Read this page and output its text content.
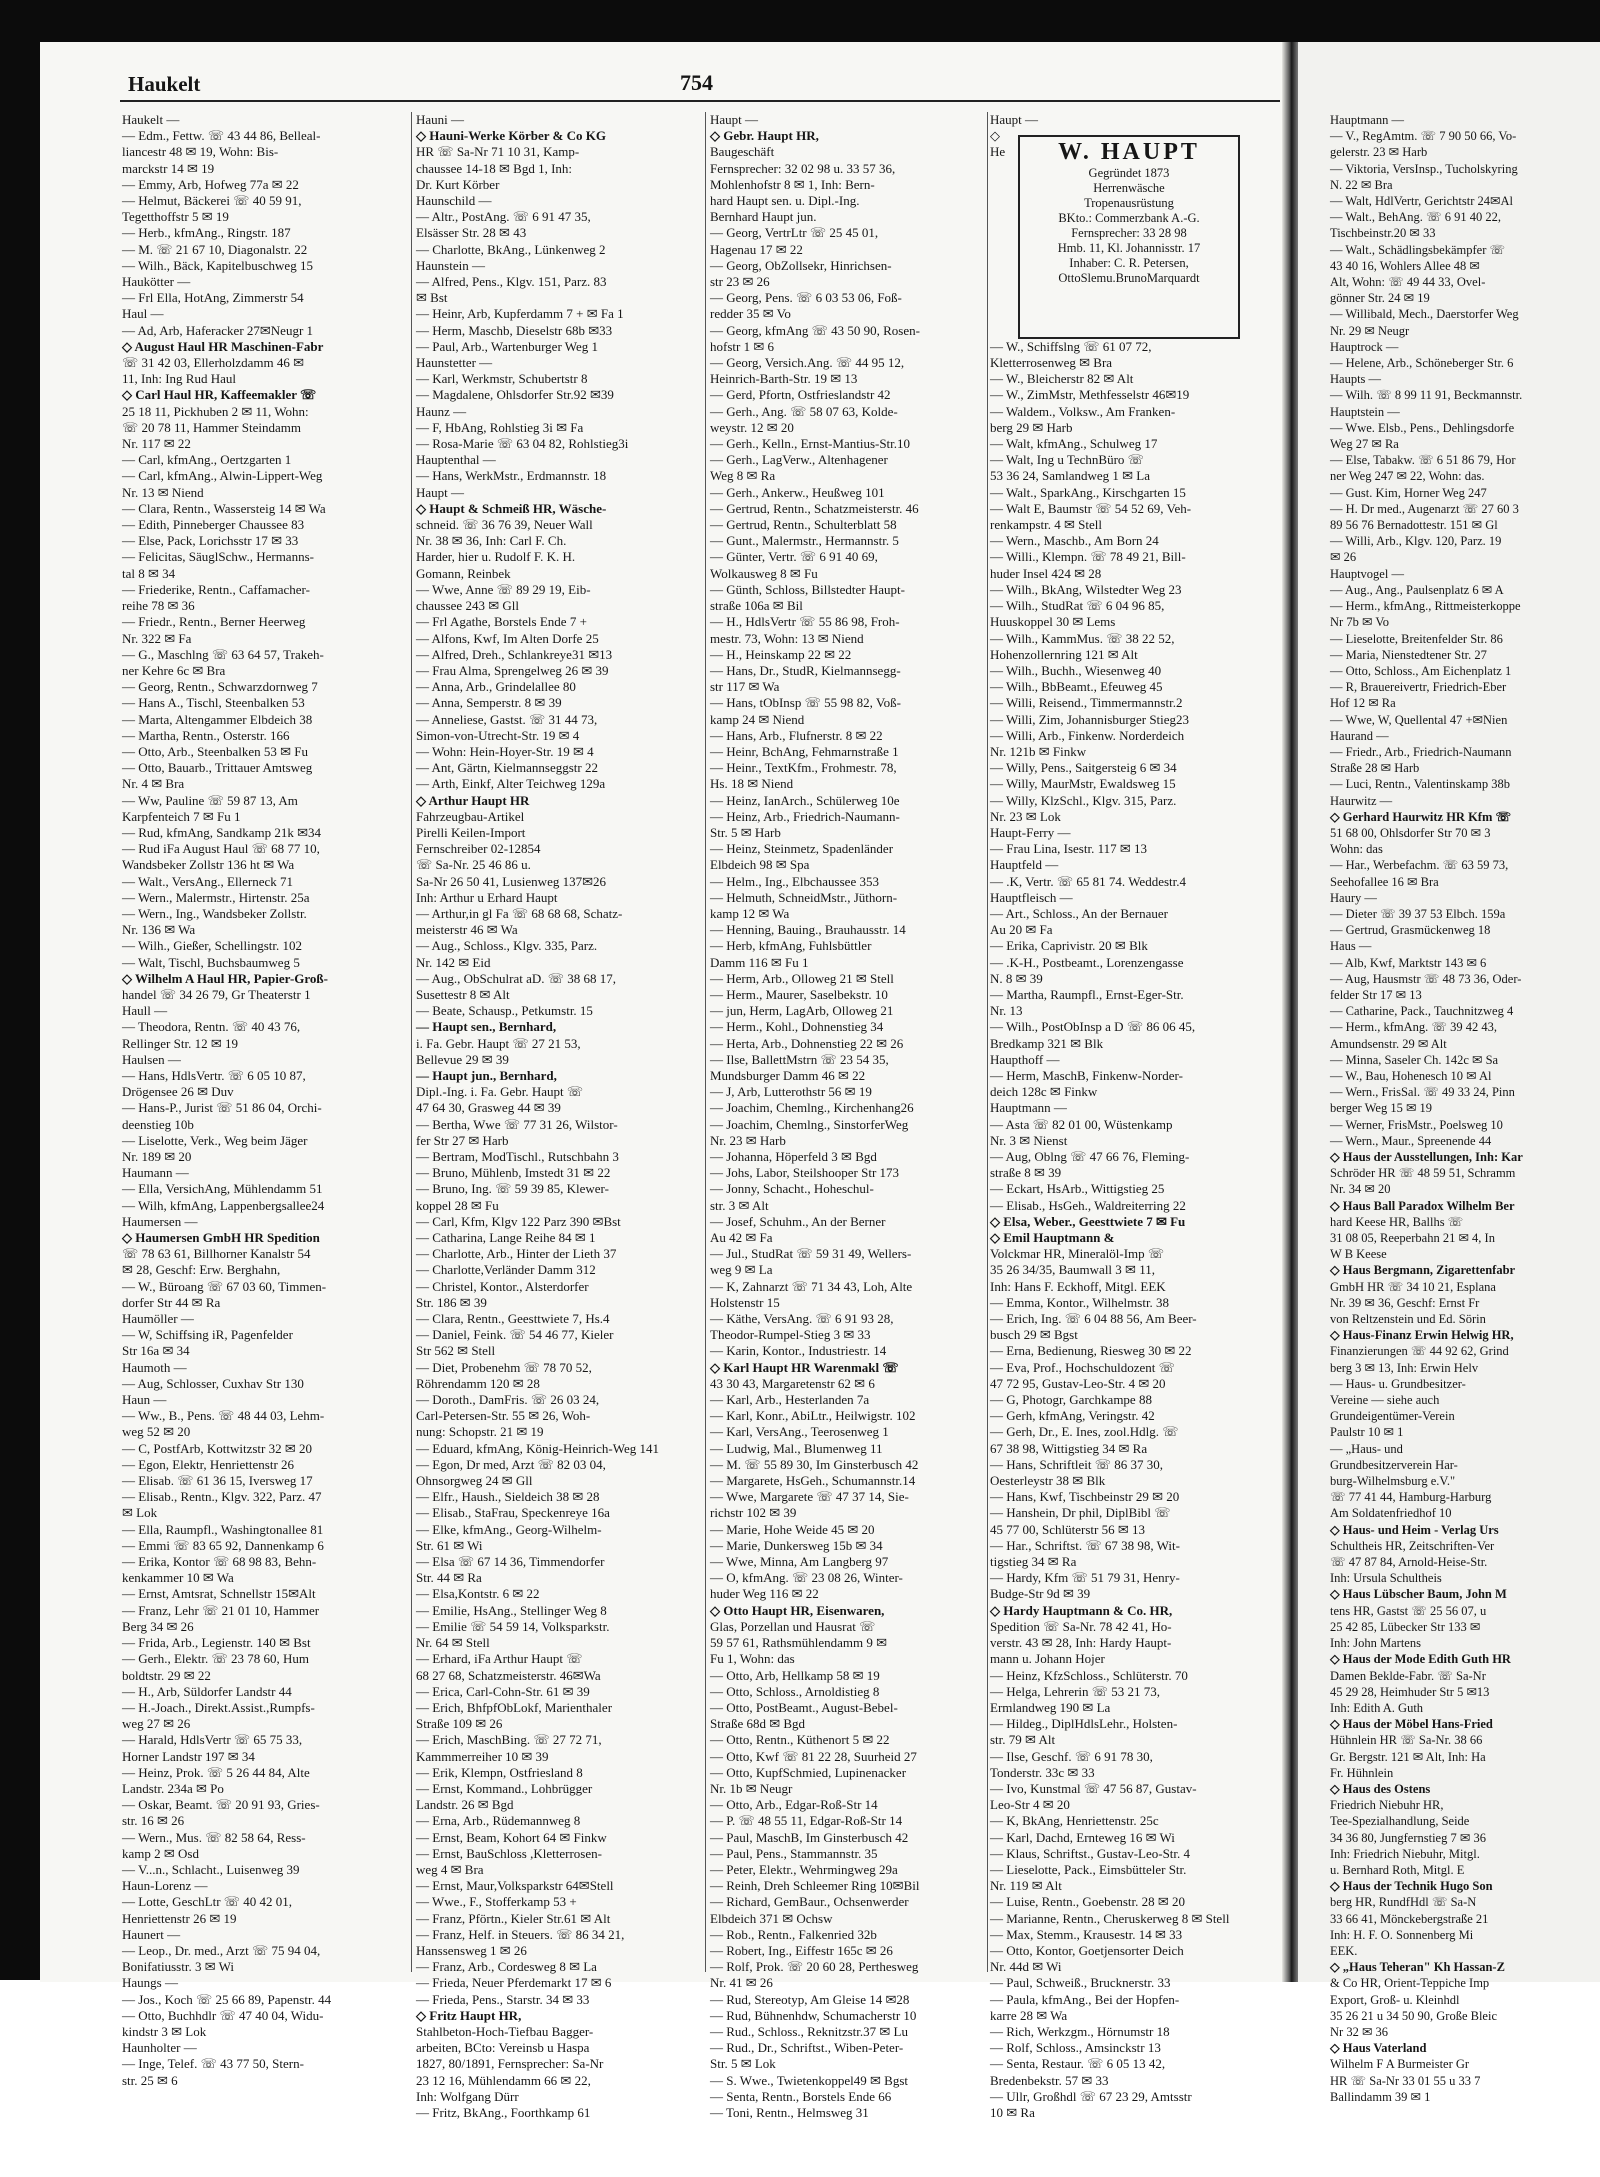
Haukelt	754
Haukelt —
— Edm., Fettw. ☏ 43 44 86, Belleal-
liancestr 48 ✉ 19, Wohn: Bis-
marckstr 14 ✉ 19
— Emmy, Arb, Hofweg 77a ✉ 22
— Helmut, Bäckerei ☏ 40 59 91,
Tegetthoffstr 5 ✉ 19
— Herb., kfmAng., Ringstr. 187
— M. ☏ 21 67 10, Diagonalstr. 22
— Wilh., Bäck, Kapitelbuschweg 15
Haukötter —
— Frl Ella, HotAng, Zimmerstr 54
Haul —
— Ad, Arb, Haferacker 27✉Neugr 1
◇ August Haul HR Maschinen-Fabr
☏ 31 42 03, Ellerholzdamm 46 ✉
11, Inh: Ing Rud Haul
◇ Carl Haul HR, Kaffeemakler ☏
25 18 11, Pickhuben 2 ✉ 11, Wohn:
☏ 20 78 11, Hammer Steindamm
Nr. 117 ✉ 22
— Carl, kfmAng., Oertzgarten 1
— Carl, kfmAng., Alwin-Lippert-Weg
Nr. 13 ✉ Niend
— Clara, Rentn., Wassersteig 14 ✉ Wa
— Edith, Pinneberger Chaussee 83
— Else, Pack, Lorichsstr 17 ✉ 33
— Felicitas, SäuglSchw., Hermanns-
tal 8 ✉ 34
— Friederike, Rentn., Caffamacher-
reihe 78 ✉ 36
— Friedr., Rentn., Berner Heerweg
Nr. 322 ✉ Fa
— G., Maschlng ☏ 63 64 57, Trakeh-
ner Kehre 6c ✉ Bra
— Georg, Rentn., Schwarzdornweg 7
— Hans A., Tischl, Steenbalken 53
— Marta, Altengammer Elbdeich 38
— Martha, Rentn., Osterstr. 166
— Otto, Arb., Steenbalken 53 ✉ Fu
— Otto, Bauarb., Trittauer Amtsweg
Nr. 4 ✉ Bra
— Ww, Pauline ☏ 59 87 13, Am
Karpfenteich 7 ✉ Fu 1
— Rud, kfmAng, Sandkamp 21k ✉34
— Rud iFa August Haul ☏ 68 77 10,
Wandsbeker Zollstr 136 ht ✉ Wa
— Walt., VersAng., Ellerneck 71
— Wern., Malermstr., Hirtenstr. 25a
— Wern., Ing., Wandsbeker Zollstr.
Nr. 136 ✉ Wa
— Wilh., Gießer, Schellingstr. 102
— Walt, Tischl, Buchsbaumweg 5
◇ Wilhelm A Haul HR, Papier-Groß-
handel ☏ 34 26 79, Gr Theaterstr 1
Haull —
— Theodora, Rentn. ☏ 40 43 76,
Rellinger Str. 12 ✉ 19
Haulsen —
— Hans, HdlsVertr. ☏ 6 05 10 87,
Drögensee 26 ✉ Duv
— Hans-P., Jurist ☏ 51 86 04, Orchi-
deenstieg 10b
— Liselotte, Verk., Weg beim Jäger
Nr. 189 ✉ 20
Haumann —
— Ella, VersichAng, Mühlendamm 51
— Wilh, kfmAng, Lappenbergsallee24
Haumersen —
◇ Haumersen GmbH HR Spedition
☏ 78 63 61, Billhorner Kanalstr 54
✉ 28, Geschf: Erw. Berghahn,
— W., Büroang ☏ 67 03 60, Timmen-
dorfer Str 44 ✉ Ra
Haumöller —
— W, Schiffsing iR, Pagenfelder
Str 16a ✉ 34
Haumoth —
— Aug, Schlosser, Cuxhav Str 130
Haun —
— Ww., B., Pens. ☏ 48 44 03, Lehm-
weg 52 ✉ 20
— C, PostfArb, Kottwitzstr 32 ✉ 20
— Egon, Elektr, Henriettenstr 26
— Elisab. ☏ 61 36 15, Iversweg 17
— Elisab., Rentn., Klgv. 322, Parz. 47
✉ Lok
— Ella, Raumpfl., Washingtonallee 81
— Emmi ☏ 83 65 92, Dannenkamp 6
— Erika, Kontor ☏ 68 98 83, Behn-
kenkammer 10 ✉ Wa
— Ernst, Amtsrat, Schnellstr 15✉Alt
— Franz, Lehr ☏ 21 01 10, Hammer
Berg 34 ✉ 26
— Frida, Arb., Legienstr. 140 ✉ Bst
— Gerh., Elektr. ☏ 23 78 60, Hum
boldtstr. 29 ✉ 22
— H., Arb, Süldorfer Landstr 44
— H.-Joach., Direkt.Assist.,Rumpfs-
weg 27 ✉ 26
— Harald, HdlsVertr ☏ 65 75 33,
Horner Landstr 197 ✉ 34
— Heinz, Prok. ☏ 5 26 44 84, Alte
Landstr. 234a ✉ Po
— Oskar, Beamt. ☏ 20 91 93, Gries-
str. 16 ✉ 26
— Wern., Mus. ☏ 82 58 64, Ress-
kamp 2 ✉ Osd
— V...n., Schlacht., Luisenweg 39
Haun-Lorenz —
— Lotte, GeschLtr ☏ 40 42 01,
Henriettenstr 26 ✉ 19
Haunert —
— Leop., Dr. med., Arzt ☏ 75 94 04,
Bonifatiusstr. 3 ✉ Wi
Haungs —
— Jos., Koch ☏ 25 66 89, Papenstr. 44
— Otto, Buchhdlr ☏ 47 40 04, Widu-
kindstr 3 ✉ Lok
Haunholter —
— Inge, Telef. ☏ 43 77 50, Stern-
str. 25 ✉ 6
Hauni —
◇ Hauni-Werke Körber & Co KG
HR ☏ Sa-Nr 71 10 31, Kamp-
chaussee 14-18 ✉ Bgd 1, Inh:
Dr. Kurt Körber
Haunschild —
— Altr., PostAng. ☏ 6 91 47 35,
Elsässer Str. 28 ✉ 43
— Charlotte, BkAng., Lünkenweg 2
Haunstein —
— Alfred, Pens., Klgv. 151, Parz. 83
✉ Bst
— Heinr, Arb, Kupferdamm 7 + ✉ Fa 1
— Herm, Maschb, Dieselstr 68b ✉33
— Paul, Arb., Wartenburger Weg 1
Haunstetter —
— Karl, Werkmstr, Schubertstr 8
— Magdalene, Ohlsdorfer Str.92 ✉39
Haunz —
— F, HbAng, Rohlstieg 3i ✉ Fa
— Rosa-Marie ☏ 63 04 82, Rohlstieg3i
Hauptenthal —
— Hans, WerkMstr., Erdmannstr. 18
Haupt —
◇ Haupt & Schmeiß HR, Wäsche-
schneid. ☏ 36 76 39, Neuer Wall
Nr. 38 ✉ 36, Inh: Carl F. Ch.
Harder, hier u. Rudolf F. K. H.
Gomann, Reinbek
— Wwe, Anne ☏ 89 29 19, Eib-
chaussee 243 ✉ Gll
— Frl Agathe, Borstels Ende 7 +
— Alfons, Kwf, Im Alten Dorfe 25
— Alfred, Dreh., Schlankreye31 ✉13
— Frau Alma, Sprengelweg 26 ✉ 39
— Anna, Arb., Grindelallee 80
— Anna, Semperstr. 8 ✉ 39
— Anneliese, Gastst. ☏ 31 44 73,
Simon-von-Utrecht-Str. 19 ✉ 4
— Wohn: Hein-Hoyer-Str. 19 ✉ 4
— Ant, Gärtn, Kielmannseggstr 22
— Arth, Einkf, Alter Teichweg 129a
◇ Arthur Haupt HR
Fahrzeugbau-Artikel
Pirelli Keilen-Import
Fernschreiber 02-12854
☏ Sa-Nr. 25 46 86 u.
Sa-Nr 26 50 41, Lusienweg 137✉26
Inh: Arthur u Erhard Haupt
— Arthur,in gl Fa ☏ 68 68 68, Schatz-
meisterstr 46 ✉ Wa
— Aug., Schloss., Klgv. 335, Parz.
Nr. 142 ✉ Eid
— Aug., ObSchulrat aD. ☏ 38 68 17,
Susettestr 8 ✉ Alt
— Beate, Schausp., Petkumstr. 15
— Haupt sen., Bernhard,
i. Fa. Gebr. Haupt ☏ 27 21 53,
Bellevue 29 ✉ 39
— Haupt jun., Bernhard,
Dipl.-Ing. i. Fa. Gebr. Haupt ☏
47 64 30, Grasweg 44 ✉ 39
— Bertha, Wwe ☏ 77 31 26, Wilstor-
fer Str 27 ✉ Harb
— Bertram, ModTischl., Rutschbahn 3
— Bruno, Mühlenb, Imstedt 31 ✉ 22
— Bruno, Ing. ☏ 59 39 85, Klewer-
koppel 28 ✉ Fu
— Carl, Kfm, Klgv 122 Parz 390 ✉Bst
— Catharina, Lange Reihe 84 ✉ 1
— Charlotte, Arb., Hinter der Lieth 37
— Charlotte,Verländer Damm 312
— Christel, Kontor., Alsterdorfer
Str. 186 ✉ 39
— Clara, Rentn., Geesttwiete 7, Hs.4
— Daniel, Feink. ☏ 54 46 77, Kieler
Str 562 ✉ Stell
— Diet, Probenehm ☏ 78 70 52,
Röhrendamm 120 ✉ 28
— Doroth., DamFris. ☏ 26 03 24,
Carl-Petersen-Str. 55 ✉ 26, Woh-
nung: Schopstr. 21 ✉ 19
— Eduard, kfmAng, König-Heinrich-Weg 141
— Egon, Dr med, Arzt ☏ 82 03 04,
Ohnsorgweg 24 ✉ Gll
— Elfr., Haush., Sieldeich 38 ✉ 28
— Elisab., StaFrau, Speckenreye 16a
— Elke, kfmAng., Georg-Wilhelm-
Str. 61 ✉ Wi
— Elsa ☏ 67 14 36, Timmendorfer
Str. 44 ✉ Ra
— Elsa,Kontstr. 6 ✉ 22
— Emilie, HsAng., Stellinger Weg 8
— Emilie ☏ 54 59 14, Volksparkstr.
Nr. 64 ✉ Stell
— Erhard, iFa Arthur Haupt ☏
68 27 68, Schatzmeisterstr. 46✉Wa
— Erica, Carl-Cohn-Str. 61 ✉ 39
— Erich, BhfpfObLokf, Marienthaler
Straße 109 ✉ 26
— Erich, MaschBing. ☏ 27 72 71,
Kammmerreiher 10 ✉ 39
— Erik, Klempn, Ostfriesland 8
— Ernst, Kommand., Lohbrügger
Landstr. 26 ✉ Bgd
— Erna, Arb., Rüdemannweg 8
— Ernst, Beam, Kohort 64 ✉ Finkw
— Ernst, BauSchloss ,Kletterrosen-
weg 4 ✉ Bra
— Ernst, Maur,Volksparkstr 64✉Stell
— Wwe., F., Stofferkamp 53 +
— Franz, Pförtn., Kieler Str.61 ✉ Alt
— Franz, Helf. in Steuers. ☏ 86 34 21,
Hanssensweg 1 ✉ 26
— Franz, Arb., Cordesweg 8 ✉ La
— Frieda, Neuer Pferdemarkt 17 ✉ 6
— Frieda, Pens., Starstr. 34 ✉ 33
◇ Fritz Haupt HR,
Stahlbeton-Hoch-Tiefbau Bagger-
arbeiten, BCto: Vereinsb u Haspa
1827, 80/1891, Fernsprecher: Sa-Nr
23 12 16, Mühlendamm 66 ✉ 22,
Inh: Wolfgang Dürr
— Fritz, BkAng., Foorthkamp 61
Haupt —
◇ Gebr. Haupt HR,
Baugeschäft
Fernsprecher: 32 02 98 u. 33 57 36,
Mohlenhofstr 8 ✉ 1, Inh: Bern-
hard Haupt sen. u. Dipl.-Ing.
Bernhard Haupt jun.
— Georg, VertrLtr ☏ 25 45 01,
Hagenau 17 ✉ 22
— Georg, ObZollsekr, Hinrichsen-
str 23 ✉ 26
— Georg, Pens. ☏ 6 03 53 06, Foß-
redder 35 ✉ Vo
— Georg, kfmAng ☏ 43 50 90, Rosen-
hofstr 1 ✉ 6
— Georg, Versich.Ang. ☏ 44 95 12,
Heinrich-Barth-Str. 19 ✉ 13
— Gerd, Pfortn, Ostfrieslandstr 42
— Gerh., Ang. ☏ 58 07 63, Kolde-
weystr. 12 ✉ 20
— Gerh., Kelln., Ernst-Mantius-Str.10
— Gerh., LagVerw., Altenhagener
Weg 8 ✉ Ra
— Gerh., Ankerw., Heußweg 101
— Gertrud, Rentn., Schatzmeisterstr. 46
— Gertrud, Rentn., Schulterblatt 58
— Gunt., Malermstr., Hermannstr. 5
— Günter, Vertr. ☏ 6 91 40 69,
Wolkausweg 8 ✉ Fu
— Günth, Schloss, Billstedter Haupt-
straße 106a ✉ Bil
— H., HdlsVertr ☏ 55 86 98, Froh-
mestr. 73, Wohn: 13 ✉ Niend
— H., Heinskamp 22 ✉ 22
— Hans, Dr., StudR, Kielmannsegg-
str 117 ✉ Wa
— Hans, tObInsp ☏ 55 98 82, Voß-
kamp 24 ✉ Niend
— Hans, Arb., Flufnerstr. 8 ✉ 22
— Heinr, BchAng, Fehmarnstraße 1
— Heinr., TextKfm., Frohmestr. 78,
Hs. 18 ✉ Niend
— Heinz, IanArch., Schülerweg 10e
— Heinz, Arb., Friedrich-Naumann-
Str. 5 ✉ Harb
— Heinz, Steinmetz, Spadenländer
Elbdeich 98 ✉ Spa
— Helm., Ing., Elbchaussee 353
— Helmuth, SchneidMstr., Jüthorn-
kamp 12 ✉ Wa
— Henning, Bauing., Brauhausstr. 14
— Herb, kfmAng, Fuhlsbüttler
Damm 116 ✉ Fu 1
— Herm, Arb., Olloweg 21 ✉ Stell
— Herm., Maurer, Saselbekstr. 10
— jun, Herm, LagArb, Olloweg 21
— Herm., Kohl., Dohnenstieg 34
— Herta, Arb., Dohnenstieg 22 ✉ 26
— Ilse, BallettMstrn ☏ 23 54 35,
Mundsburger Damm 46 ✉ 22
— J, Arb, Lutterothstr 56 ✉ 19
— Joachim, Chemlng., Kirchenhang26
— Joachim, Chemlng., SinstorferWeg
Nr. 23 ✉ Harb
— Johanna, Höperfeld 3 ✉ Bgd
— Johs, Labor, Steilshooper Str 173
— Jonny, Schacht., Hoheschul-
str. 3 ✉ Alt
— Josef, Schuhm., An der Berner
Au 42 ✉ Fa
— Jul., StudRat ☏ 59 31 49, Wellers-
weg 9 ✉ La
— K, Zahnarzt ☏ 71 34 43, Loh, Alte
Holstenstr 15
— Käthe, VersAng. ☏ 6 91 93 28,
Theodor-Rumpel-Stieg 3 ✉ 33
— Karin, Kontor., Industriestr. 14
◇ Karl Haupt HR Warenmakl ☏
43 30 43, Margaretenstr 62 ✉ 6
— Karl, Arb., Hesterlanden 7a
— Karl, Konr., AbiLtr., Heilwigstr. 102
— Karl, VersAng., Teerosenweg 1
— Ludwig, Mal., Blumenweg 11
— M. ☏ 55 89 30, Im Ginsterbusch 42
— Margarete, HsGeh., Schumannstr.14
— Wwe, Margarete ☏ 47 37 14, Sie-
richstr 102 ✉ 39
— Marie, Hohe Weide 45 ✉ 20
— Marie, Dunkersweg 15b ✉ 34
— Wwe, Minna, Am Langberg 97
— O, kfmAng. ☏ 23 08 26, Winter-
huder Weg 116 ✉ 22
◇ Otto Haupt HR, Eisenwaren,
Glas, Porzellan und Hausrat ☏
59 57 61, Rathsmühlendamm 9 ✉
Fu 1, Wohn: das
— Otto, Arb, Hellkamp 58 ✉ 19
— Otto, Schloss., Arnoldistieg 8
— Otto, PostBeamt., August-Bebel-
Straße 68d ✉ Bgd
— Otto, Rentn., Küthenort 5 ✉ 22
— Otto, Kwf ☏ 81 22 28, Suurheid 27
— Otto, KupfSchmied, Lupinenacker
Nr. 1b ✉ Neugr
— Otto, Arb., Edgar-Roß-Str 14
— P. ☏ 48 55 11, Edgar-Roß-Str 14
— Paul, MaschB, Im Ginsterbusch 42
— Paul, Pens., Stammannstr. 35
— Peter, Elektr., Wehrmingweg 29a
— Reinh, Dreh Schleemer Ring 10✉Bil
— Richard, GemBaur., Ochsenwerder
Elbdeich 371 ✉ Ochsw
— Rob., Rentn., Falkenried 32b
— Robert, Ing., Eiffestr 165c ✉ 26
— Rolf, Prok. ☏ 20 60 28, Perthesweg
Nr. 41 ✉ 26
— Rud, Stereotyp, Am Gleise 14 ✉28
— Rud, Bühnenhdw, Schumacherstr 10
— Rud., Schloss., Reknitzstr.37 ✉ Lu
— Rud., Dr., Schriftst., Wiben-Peter-
Str. 5 ✉ Lok
— S. Wwe., Twietenkoppel49 ✉ Bgst
— Senta, Rentn., Borstels Ende 66
— Toni, Rentn., Helmsweg 31
Haupt —
◇
He

— W., Schiffslng ☏ 61 07 72,
Kletterrosenweg ✉ Bra
— W., Bleicherstr 82 ✉ Alt
— W., ZimMstr, Methfesselstr 46✉19
— Waldem., Volksw., Am Franken-
berg 29 ✉ Harb
— Walt, kfmAng., Schulweg 17
— Walt, Ing u TechnBüro ☏
53 36 24, Samlandweg 1 ✉ La
— Walt., SparkAng., Kirschgarten 15
— Walt E, Baumstr ☏ 54 52 69, Veh-
renkampstr. 4 ✉ Stell
— Wern., Maschb., Am Born 24
— Willi., Klempn. ☏ 78 49 21, Bill-
huder Insel 424 ✉ 28
— Wilh., BkAng, Wilstedter Weg 23
— Wilh., StudRat ☏ 6 04 96 85,
Huuskoppel 30 ✉ Lems
— Wilh., KammMus. ☏ 38 22 52,
Hohenzollernring 121 ✉ Alt
— Wilh., Buchh., Wiesenweg 40
— Wilh., BbBeamt., Efeuweg 45
— Willi, Reisend., Timmermannstr.2
— Willi, Zim, Johannisburger Stieg23
— Willi, Arb., Finkenw. Norderdeich
Nr. 121b ✉ Finkw
— Willy, Pens., Saitgersteig 6 ✉ 34
— Willy, MaurMstr, Ewaldsweg 15
— Willy, KlzSchl., Klgv. 315, Parz.
Nr. 23 ✉ Lok
Haupt-Ferry —
— Frau Lina, Isestr. 117 ✉ 13
Hauptfeld —
— .K, Vertr. ☏ 65 81 74. Weddestr.4
Hauptfleisch —
— Art., Schloss., An der Bernauer
Au 20 ✉ Fa
— Erika, Caprivistr. 20 ✉ Blk
— .K-H., Postbeamt., Lorenzengasse
N. 8 ✉ 39
— Martha, Raumpfl., Ernst-Eger-Str.
Nr. 13
— Wilh., PostObInsp a D ☏ 86 06 45,
Bredkamp 321 ✉ Blk
Haupthoff —
— Herm, MaschB, Finkenw-Norder-
deich 128c ✉ Finkw
Hauptmann —
— Asta ☏ 82 01 00, Wüstenkamp
Nr. 3 ✉ Nienst
— Aug, Oblng ☏ 47 66 76, Fleming-
straße 8 ✉ 39
— Eckart, HsArb., Wittigstieg 25
— Elisab., HsGeh., Waldreiterring 22
◇ Elsa, Weber., Geesttwiete 7 ✉ Fu
◇ Emil Hauptmann &
Volckmar HR, Mineralöl-Imp ☏
35 26 34/35, Baumwall 3 ✉ 11,
Inh: Hans F. Eckhoff, Mitgl. EEK
— Emma, Kontor., Wilhelmstr. 38
— Erich, Ing. ☏ 6 04 88 56, Am Beer-
busch 29 ✉ Bgst
— Erna, Bedienung, Riesweg 30 ✉ 22
— Eva, Prof., Hochschuldozent ☏
47 72 95, Gustav-Leo-Str. 4 ✉ 20
— G, Photogr, Garchkampe 88
— Gerh, kfmAng, Veringstr. 42
— Gerh, Dr., E. Ines, zool.Hdlg. ☏
67 38 98, Wittigstieg 34 ✉ Ra
— Hans, Schriftleit ☏ 86 37 30,
Oesterleystr 38 ✉ Blk
— Hans, Kwf, Tischbeinstr 29 ✉ 20
— Hanshein, Dr phil, DiplBibl ☏
45 77 00, Schlüterstr 56 ✉ 13
— Har., Schriftst. ☏ 67 38 98, Wit-
tigstieg 34 ✉ Ra
— Hardy, Kfm ☏ 51 79 31, Henry-
Budge-Str 9d ✉ 39
◇ Hardy Hauptmann & Co. HR,
Spedition ☏ Sa-Nr. 78 42 41, Ho-
verstr. 43 ✉ 28, Inh: Hardy Haupt-
mann u. Johann Hojer
— Heinz, KfzSchloss., Schlüterstr. 70
— Helga, Lehrerin ☏ 53 21 73,
Ermlandweg 190 ✉ La
— Hildeg., DiplHdlsLehr., Holsten-
str. 79 ✉ Alt
— Ilse, Geschf. ☏ 6 91 78 30,
Tonderstr. 33c ✉ 33
— Ivo, Kunstmal ☏ 47 56 87, Gustav-
Leo-Str 4 ✉ 20
— K, BkAng, Henriettenstr. 25c
— Karl, Dachd, Ernteweg 16 ✉ Wi
— Klaus, Schriftst., Gustav-Leo-Str. 4
— Lieselotte, Pack., Eimsbütteler Str.
Nr. 119 ✉ Alt
— Luise, Rentn., Goebenstr. 28 ✉ 20
— Marianne, Rentn., Cheruskerweg 8 ✉ Stell
— Max, Stemm., Krausestr. 14 ✉ 33
— Otto, Kontor, Goetjensorter Deich
Nr. 44d ✉ Wi
— Paul, Schweiß., Brucknerstr. 33
— Paula, kfmAng., Bei der Hopfen-
karre 28 ✉ Wa
— Rich, Werkzgm., Hörnumstr 18
— Rolf, Schloss., Amsinckstr 13
— Senta, Restaur. ☏ 6 05 13 42,
Bredenbekstr. 57 ✉ 33
— Ullr, Großhdl ☏ 67 23 29, Amtsstr
10 ✉ Ra
Hauptmann —
— V., RegAmtm. ☏ 7 90 50 66, Vo-
gelerstr. 23 ✉ Harb
— Viktoria, VersInsp., Tucholskyring
N. 22 ✉ Bra
— Walt, HdlVertr, Gerichtstr 24✉Al
— Walt., BehAng. ☏ 6 91 40 22,
Tischbeinstr.20 ✉ 33
— Walt., Schädlingsbekämpfer ☏
43 40 16, Wohlers Allee 48 ✉
Alt, Wohn: ☏ 49 44 33, Ovel-
gönner Str. 24 ✉ 19
— Willibald, Mech., Daerstorfer Weg
Nr. 29 ✉ Neugr
Hauptrock —
— Helene, Arb., Schöneberger Str. 6
Haupts —
— Wilh. ☏ 8 99 11 91, Beckmannstr.
Hauptstein —
— Wwe. Elsb., Pens., Dehlingsdorfe
Weg 27 ✉ Ra
— Else, Tabakw. ☏ 6 51 86 79, Hor
ner Weg 247 ✉ 22, Wohn: das.
— Gust. Kim, Horner Weg 247
— H. Dr med., Augenarzt ☏ 27 60 3
89 56 76 Bernadottestr. 151 ✉ Gl
— Willi, Arb., Klgv. 120, Parz. 19
✉ 26
Hauptvogel —
— Aug., Ang., Paulsenplatz 6 ✉ A
— Herm., kfmAng., Rittmeisterkoppe
Nr 7b ✉ Vo
— Lieselotte, Breitenfelder Str. 86
— Maria, Nienstedtener Str. 27
— Otto, Schloss., Am Eichenplatz 1
— R, Brauereivertr, Friedrich-Eber
Hof 12 ✉ Ra
— Wwe, W, Quellental 47 +✉Nien
Haurand —
— Friedr., Arb., Friedrich-Naumann
Straße 28 ✉ Harb
— Luci, Rentn., Valentinskamp 38b
Haurwitz —
◇ Gerhard Haurwitz HR Kfm ☏
51 68 00, Ohlsdorfer Str 70 ✉ 3
Wohn: das
— Har., Werbefachm. ☏ 63 59 73,
Seehofallee 16 ✉ Bra
Haury —
— Dieter ☏ 39 37 53 Elbch. 159a
— Gertrud, Grasmückenweg 18
Haus —
— Alb, Kwf, Marktstr 143 ✉ 6
— Aug, Hausmstr ☏ 48 73 36, Oder-
felder Str 17 ✉ 13
— Catharine, Pack., Tauchnitzweg 4
— Herm., kfmAng. ☏ 39 42 43,
Amundsenstr. 29 ✉ Alt
— Minna, Saseler Ch. 142c ✉ Sa
— W., Bau, Hohenesch 10 ✉ Al
— Wern., FrisSal. ☏ 49 33 24, Pinn
berger Weg 15 ✉ 19
— Werner, FrisMstr., Poelsweg 10
— Wern., Maur., Spreenende 44
◇ Haus der Ausstellungen, Inh: Kar
Schröder HR ☏ 48 59 51, Schramm
Nr. 34 ✉ 20
◇ Haus Ball Paradox Wilhelm Ber
hard Keese HR, Ballhs ☏
31 08 05, Reeperbahn 21 ✉ 4, In
W B Keese
◇ Haus Bergmann, Zigarettenfabr
GmbH HR ☏ 34 10 21, Esplana
Nr. 39 ✉ 36, Geschf: Ernst Fr
von Reltzenstein und Ed. Sörin
◇ Haus-Finanz Erwin Helwig HR,
Finanzierungen ☏ 44 92 62, Grind
berg 3 ✉ 13, Inh: Erwin Helv
— Haus- u. Grundbesitzer-
Vereine — siehe auch
Grundeigentümer-Verein
Paulstr 10 ✉ 1
— „Haus- und
Grundbesitzerverein Har-
burg-Wilhelmsburg e.V."
☏ 77 41 44, Hamburg-Harburg
Am Soldatenfriedhof 10
◇ Haus- und Heim - Verlag Urs
Schultheis HR, Zeitschriften-Ver
☏ 47 87 84, Arnold-Heise-Str.
Inh: Ursula Schultheis
◇ Haus Lübscher Baum, John M
tens HR, Gastst ☏ 25 56 07, u
25 42 85, Lübecker Str 133 ✉
Inh: John Martens
◇ Haus der Mode Edith Guth HR
Damen Beklde-Fabr. ☏ Sa-Nr
45 29 28, Heimhuder Str 5 ✉13
Inh: Edith A. Guth
◇ Haus der Möbel Hans-Fried
Hühnlein HR ☏ Sa-Nr. 38 66
Gr. Bergstr. 121 ✉ Alt, Inh: Ha
Fr. Hühnlein
◇ Haus des Ostens
Friedrich Niebuhr HR,
Tee-Spezialhandlung, Seide
34 36 80, Jungfernstieg 7 ✉ 36
Inh: Friedrich Niebuhr, Mitgl.
u. Bernhard Roth, Mitgl. E
◇ Haus der Technik Hugo Son
berg HR, RundfHdl ☏ Sa-N
33 66 41, Mönckebergstraße 21
Inh: H. F. O. Sonnenberg Mi
EEK.
◇ „Haus Teheran" Kh Hassan-Z
& Co HR, Orient-Teppiche Imp
Export, Groß- u. Kleinhdl
35 26 21 u 34 50 90, Große Bleic
Nr 32 ✉ 36
◇ Haus Vaterland
Wilhelm F A Burmeister Gr
HR ☏ Sa-Nr 33 01 55 u 33 7
Ballindamm 39 ✉ 1
W. HAUPT
Gegründet 1873
Herrenwäsche
Tropenausrüstung
BKto.: Commerzbank A.-G.
Fernsprecher: 33 28 98
Hmb. 11, Kl. Johannisstr. 17
Inhaber: C. R. Petersen,
OttoSlemu.BrunoMarquardt
